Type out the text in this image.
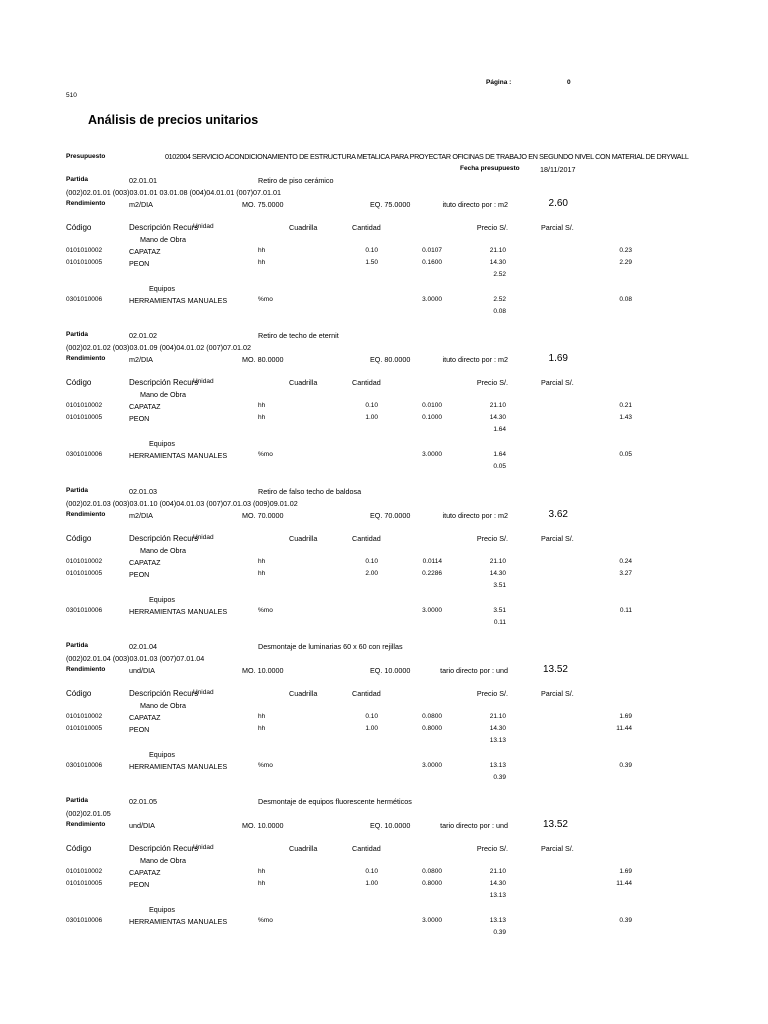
Página :	0
510
Análisis de precios unitarios
Presupuesto	0102004 SERVICIO ACONDICIONAMIENTO DE ESTRUCTURA METALICA PARA PROYECTAR OFICINAS DE TRABAJO EN SEGUNDO NIVEL CON MATERIAL DE DRYWALL
Fecha presupuesto	18/11/2017
Partida	02.01.01	Retiro de piso cerámico
(002)02.01.01 (003)03.01.01 03.01.08 (004)04.01.01 (007)07.01.01
Rendimiento	m2/DIA	MO. 75.0000	EQ. 75.0000	ituto directo por : m2	2.60
Código	Descripción Recurs
Unidad	Cuadrilla	Cantidad	Precio S/.	Parcial S/.
Mano de Obra
0101010002	CAPATAZ	hh	0.10	0.0107	21.10	0.23
0101010005	PEON	hh	1.50	0.1600	14.30	2.29
2.52
Equipos
0301010006	HERRAMIENTAS MANUALES	%mo	3.0000	2.52	0.08
0.08
Partida	02.01.02	Retiro de techo de eternit
(002)02.01.02 (003)03.01.09 (004)04.01.02 (007)07.01.02
Rendimiento	m2/DIA	MO. 80.0000	EQ. 80.0000	ituto directo por : m2	1.69
Código	Descripción Recurs
Unidad	Cuadrilla	Cantidad	Precio S/.	Parcial S/.
Mano de Obra
0101010002	CAPATAZ	hh	0.10	0.0100	21.10	0.21
0101010005	PEON	hh	1.00	0.1000	14.30	1.43
1.64
Equipos
0301010006	HERRAMIENTAS MANUALES	%mo	3.0000	1.64	0.05
0.05
Partida	02.01.03	Retiro de falso techo de baldosa
(002)02.01.03 (003)03.01.10 (004)04.01.03 (007)07.01.03 (009)09.01.02
Rendimiento	m2/DIA	MO. 70.0000	EQ. 70.0000	ituto directo por : m2	3.62
Código	Descripción Recurs
Unidad	Cuadrilla	Cantidad	Precio S/.	Parcial S/.
Mano de Obra
0101010002	CAPATAZ	hh	0.10	0.0114	21.10	0.24
0101010005	PEON	hh	2.00	0.2286	14.30	3.27
3.51
Equipos
0301010006	HERRAMIENTAS MANUALES	%mo	3.0000	3.51	0.11
0.11
Partida	02.01.04	Desmontaje de luminarias 60 x 60 con rejillas
(002)02.01.04 (003)03.01.03 (007)07.01.04
Rendimiento	und/DIA	MO. 10.0000	EQ. 10.0000	tario directo por : und	13.52
Código	Descripción Recurs
Unidad	Cuadrilla	Cantidad	Precio S/.	Parcial S/.
Mano de Obra
0101010002	CAPATAZ	hh	0.10	0.0800	21.10	1.69
0101010005	PEON	hh	1.00	0.8000	14.30	11.44
13.13
Equipos
0301010006	HERRAMIENTAS MANUALES	%mo	3.0000	13.13	0.39
0.39
Partida	02.01.05	Desmontaje de equipos fluorescente herméticos
(002)02.01.05
Rendimiento	und/DIA	MO. 10.0000	EQ. 10.0000	tario directo por : und	13.52
Código	Descripción Recurs
Unidad	Cuadrilla	Cantidad	Precio S/.	Parcial S/.
Mano de Obra
0101010002	CAPATAZ	hh	0.10	0.0800	21.10	1.69
0101010005	PEON	hh	1.00	0.8000	14.30	11.44
13.13
Equipos
0301010006	HERRAMIENTAS MANUALES	%mo	3.0000	13.13	0.39
0.39
